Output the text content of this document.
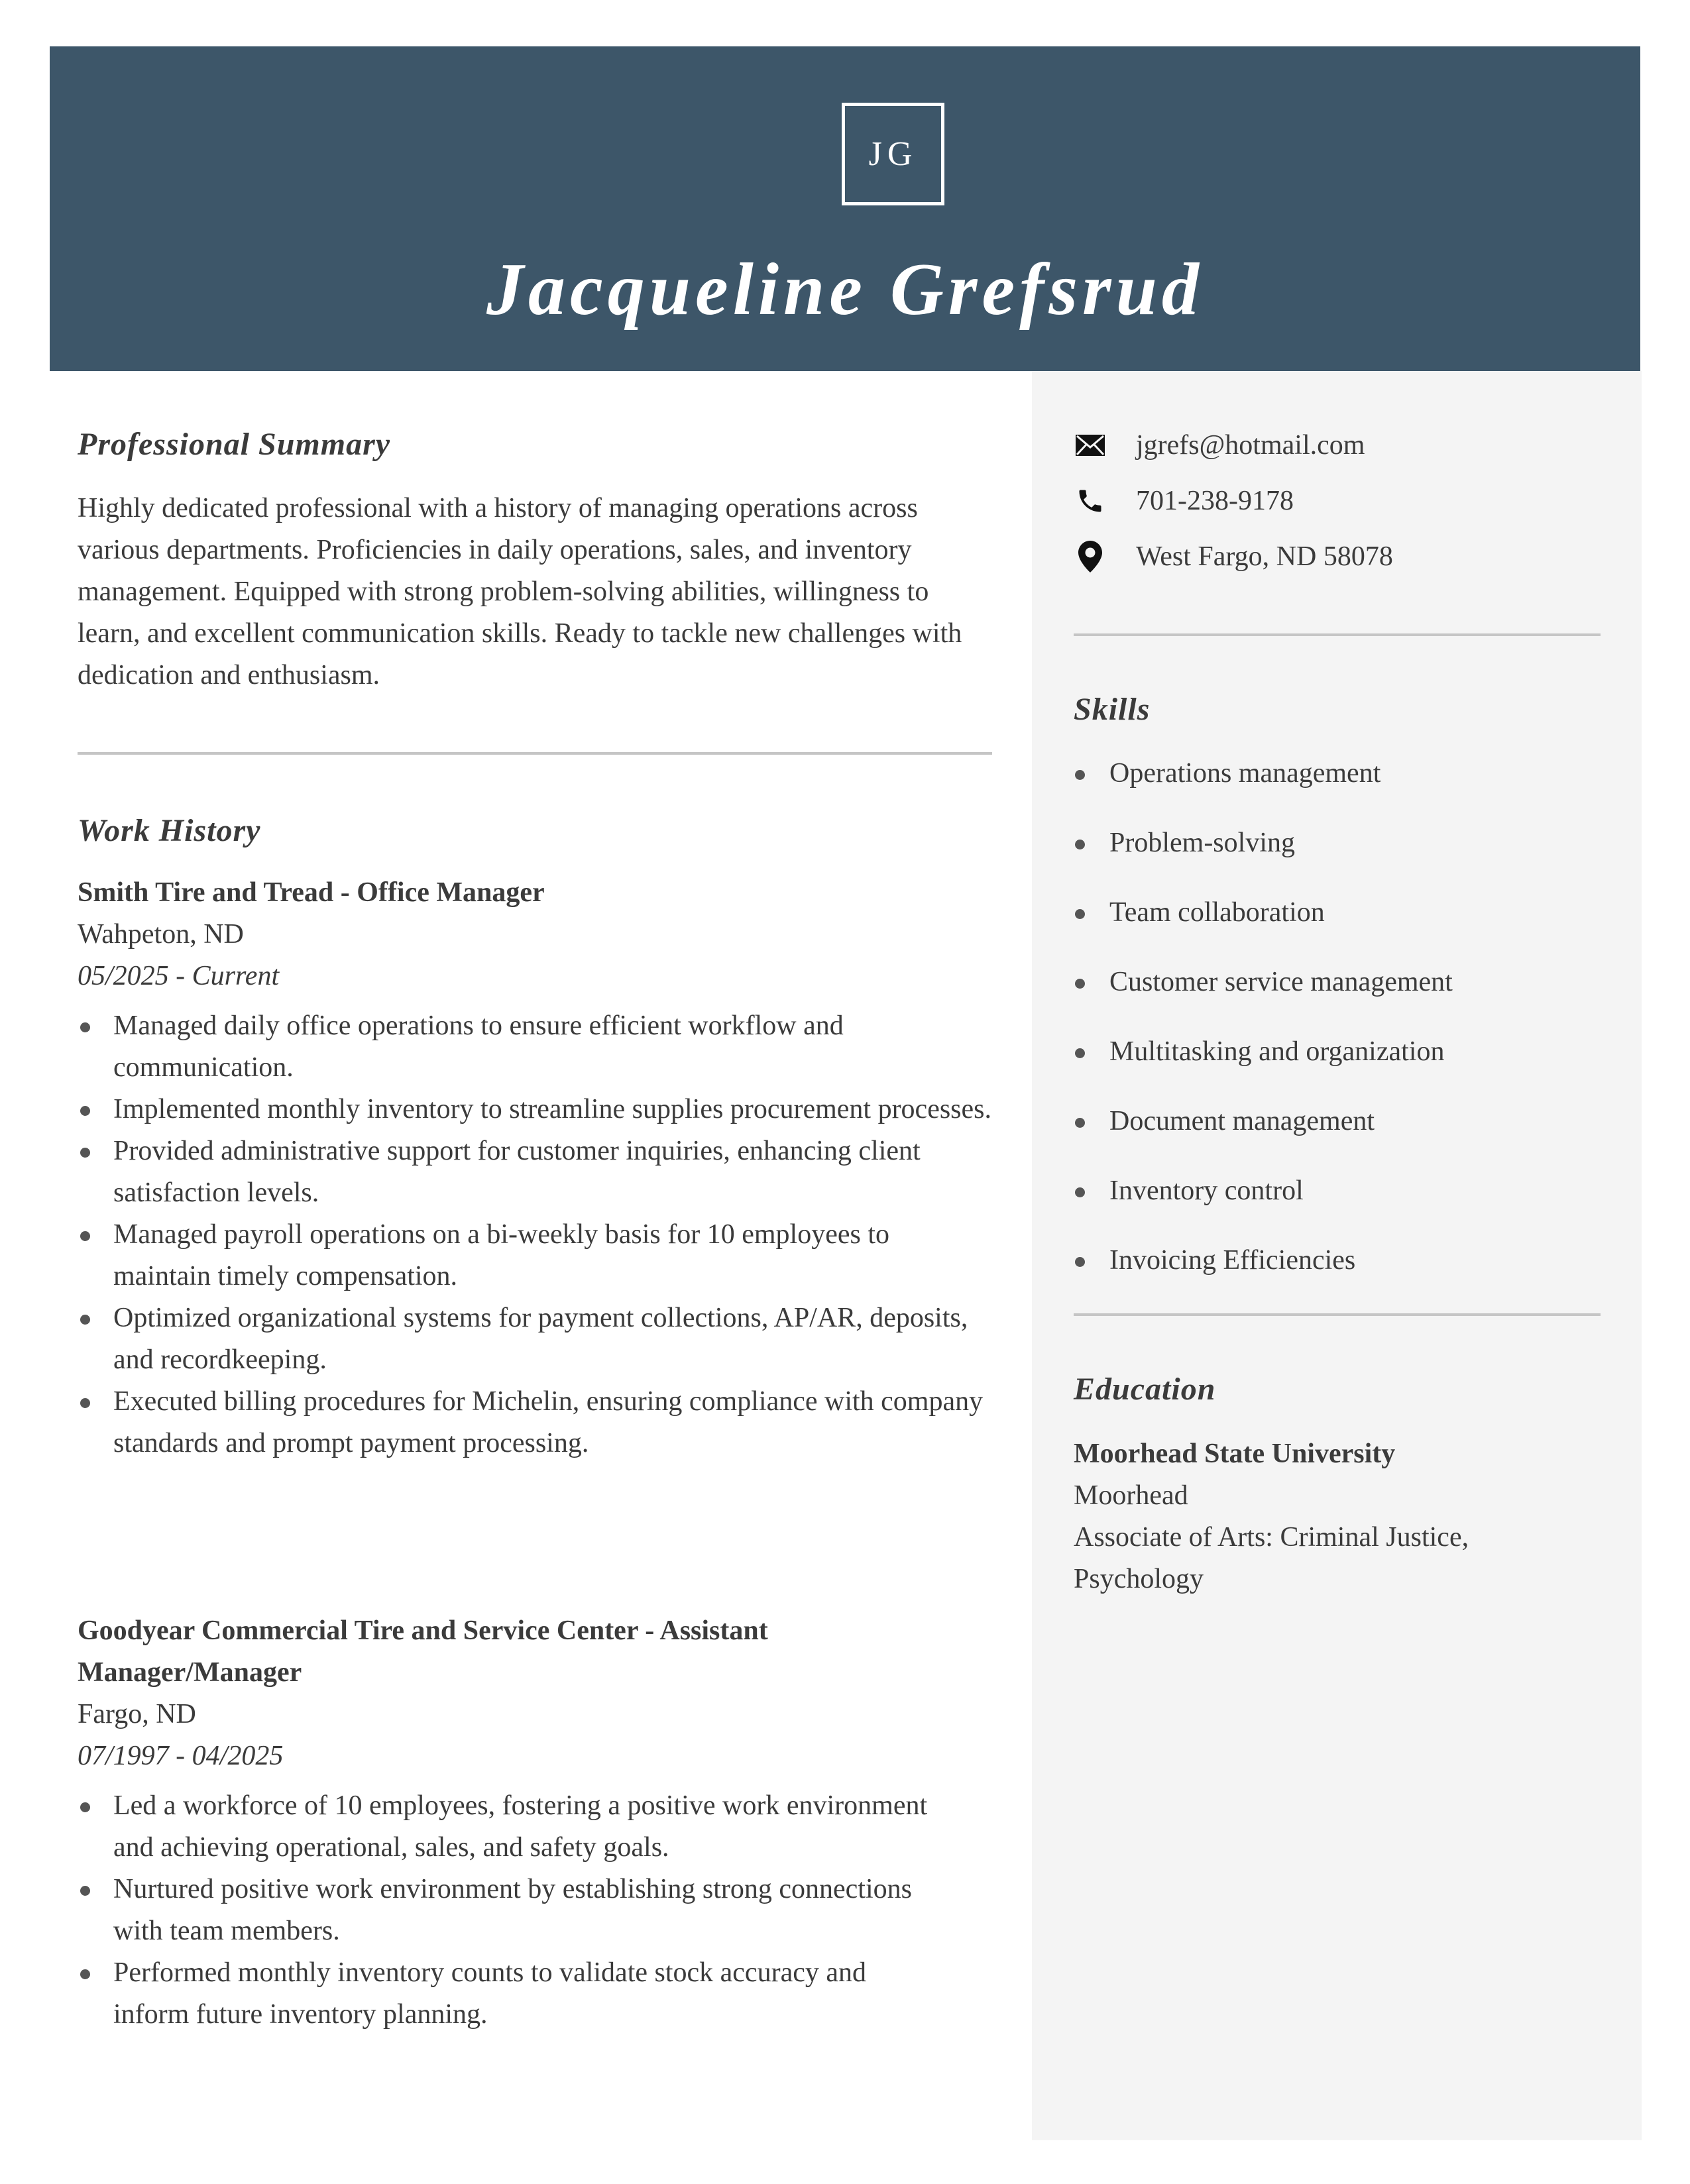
JG
Jacqueline Grefsrud
Professional Summary

Highly dedicated professional with a history of managing operations across various departments. Proficiencies in daily operations, sales, and inventory management. Equipped with strong problem-solving abilities, willingness to learn, and excellent communication skills. Ready to tackle new challenges with dedication and enthusiasm.

Work History
Smith Tire and Tread - Office Manager
Wahpeton, ND
05/2025 - Current
Managed daily office operations to ensure efficient workflow and communication.
Implemented monthly inventory to streamline supplies procurement processes.
Provided administrative support for customer inquiries, enhancing client satisfaction levels.
Managed payroll operations on a bi-weekly basis for 10 employees to maintain timely compensation.
Optimized organizational systems for payment collections, AP/AR, deposits, and recordkeeping.
Executed billing procedures for Michelin, ensuring compliance with company standards and prompt payment processing.
Goodyear Commercial Tire and Service Center - Assistant Manager/Manager
Fargo, ND
07/1997 - 04/2025
Led a workforce of 10 employees, fostering a positive work environment and achieving operational, sales, and safety goals.
Nurtured positive work environment by establishing strong connections with team members.
Performed monthly inventory counts to validate stock accuracy and inform future inventory planning.
jgrefs@hotmail.com
701-238-9178
West Fargo, ND 58078
Skills
Operations management
Problem-solving
Team collaboration
Customer service management
Multitasking and organization
Document management
Inventory control
Invoicing Efficiencies
Education
Moorhead State University
Moorhead
Associate of Arts: Criminal Justice, Psychology
